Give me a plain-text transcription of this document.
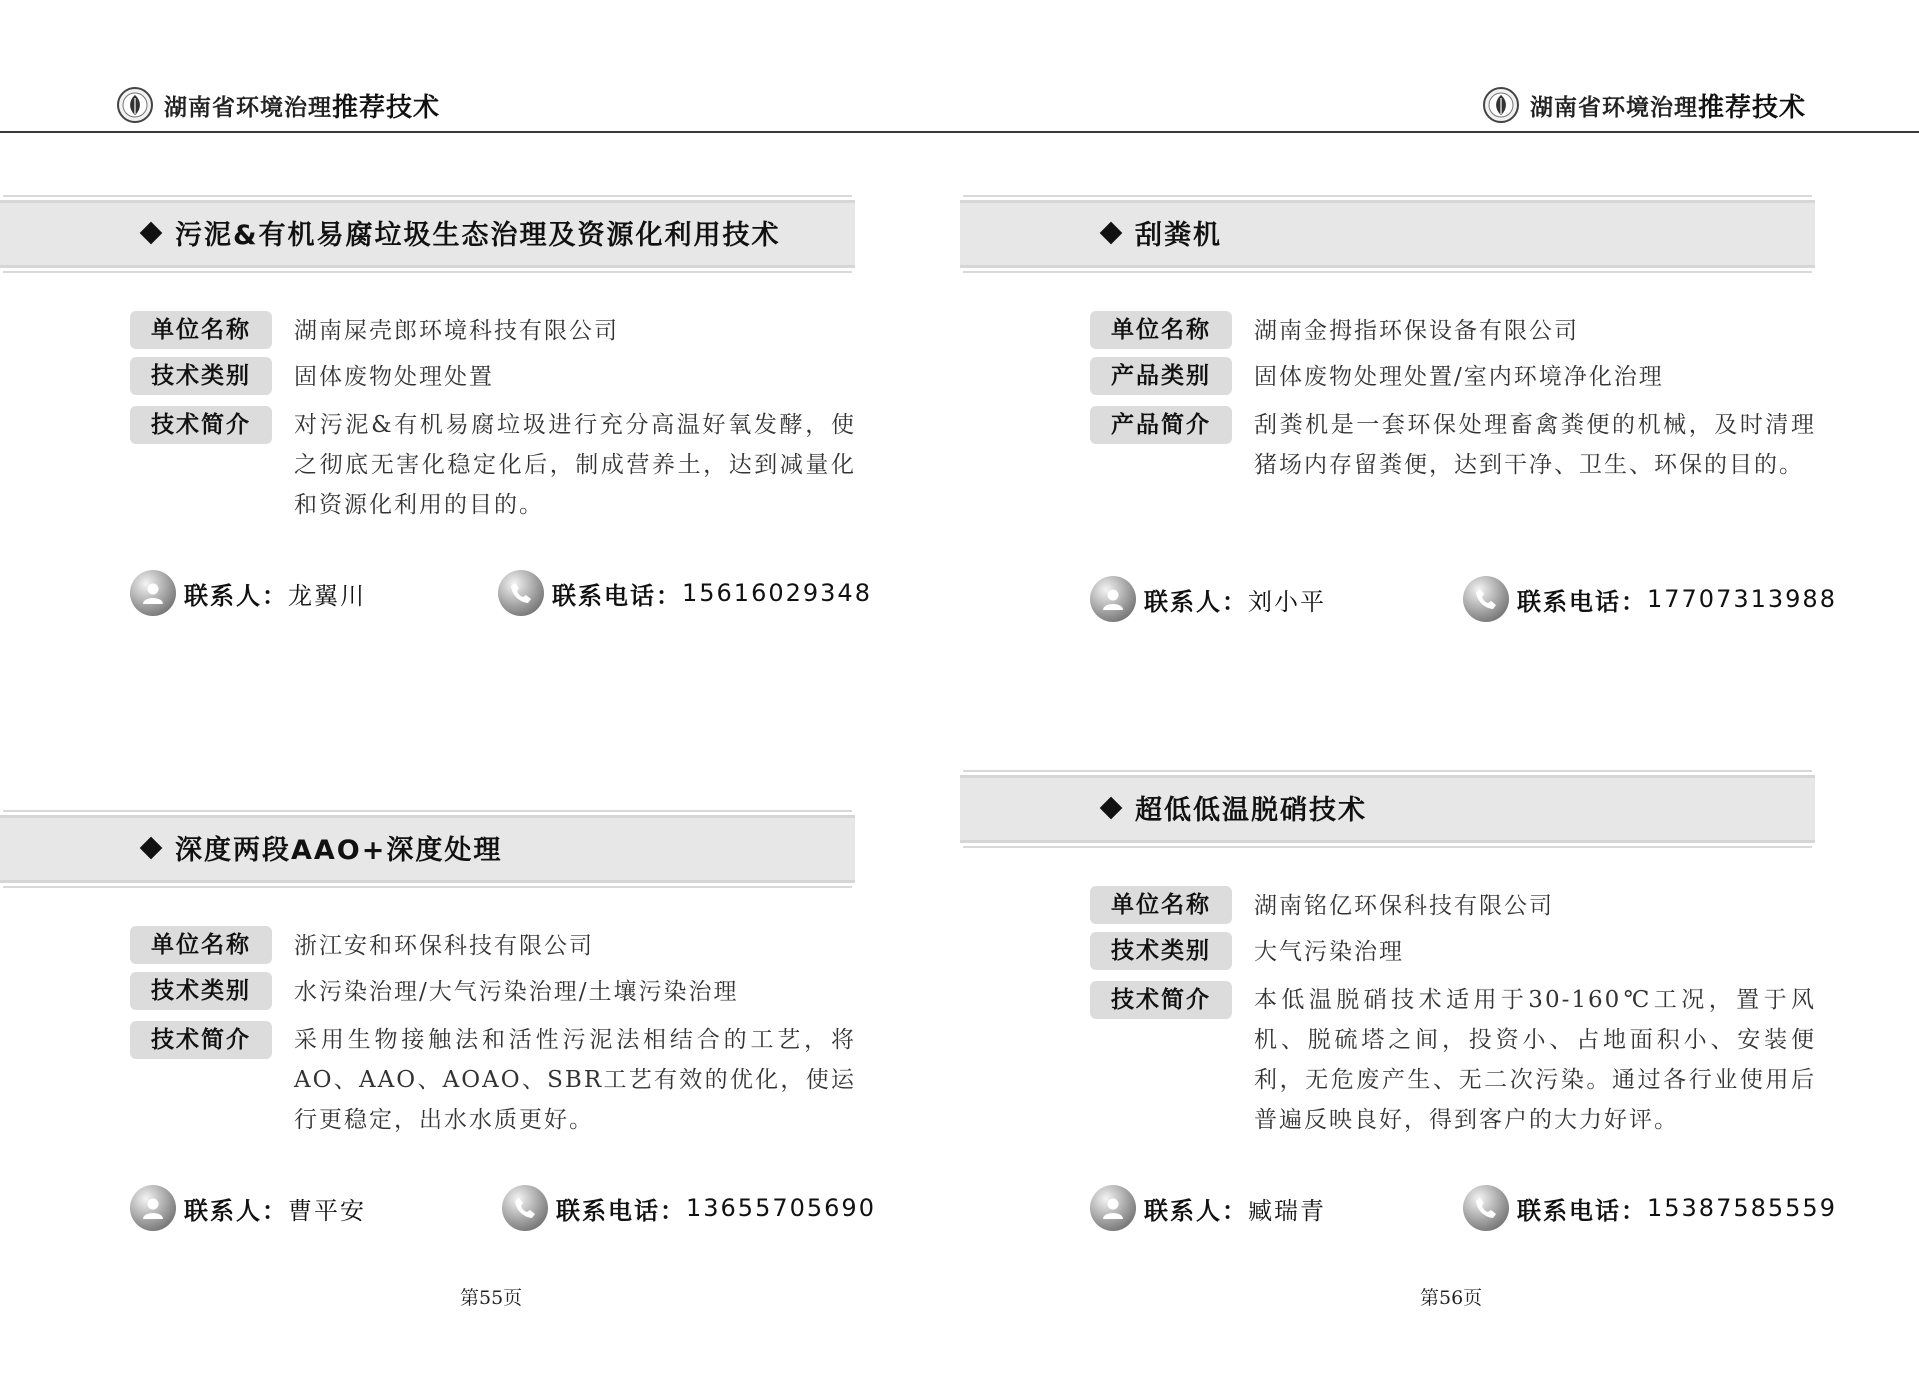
湖南省环境治理 推荐技术	湖南省环境治理 推荐技术
污泥&有机易腐垃圾生态治理及资源化利用技术
单位名称	湖南屎壳郎环境科技有限公司
技术类别	固体废物处理处置
技术简介	对污泥&有机易腐垃圾进行充分高温好氧发酵，使之彻底无害化稳定化后，制成营养土，达到减量化和资源化利用的目的。
联系人： 龙翼川	联系电话： 15616029348
刮粪机
单位名称	湖南金拇指环保设备有限公司
产品类别	固体废物处理处置/室内环境净化治理
产品简介	刮粪机是一套环保处理畜禽粪便的机械，及时清理猪场内存留粪便，达到干净、卫生、环保的目的。
联系人： 刘小平	联系电话： 17707313988
深度两段AAO+深度处理
单位名称	浙江安和环保科技有限公司
技术类别	水污染治理/大气污染治理/土壤污染治理
技术简介	采用生物接触法和活性污泥法相结合的工艺，将AO、AAO、AOAO、SBR工艺有效的优化，使运行更稳定，出水水质更好。
联系人： 曹平安	联系电话： 13655705690
超低低温脱硝技术
单位名称	湖南铭亿环保科技有限公司
技术类别	大气污染治理
技术简介	本低温脱硝技术适用于30-160℃工况，置于风机、脱硫塔之间，投资小、占地面积小、安装便利，无危废产生、无二次污染。通过各行业使用后普遍反映良好，得到客户的大力好评。
联系人： 臧瑞青	联系电话： 15387585559
第55页	第56页
